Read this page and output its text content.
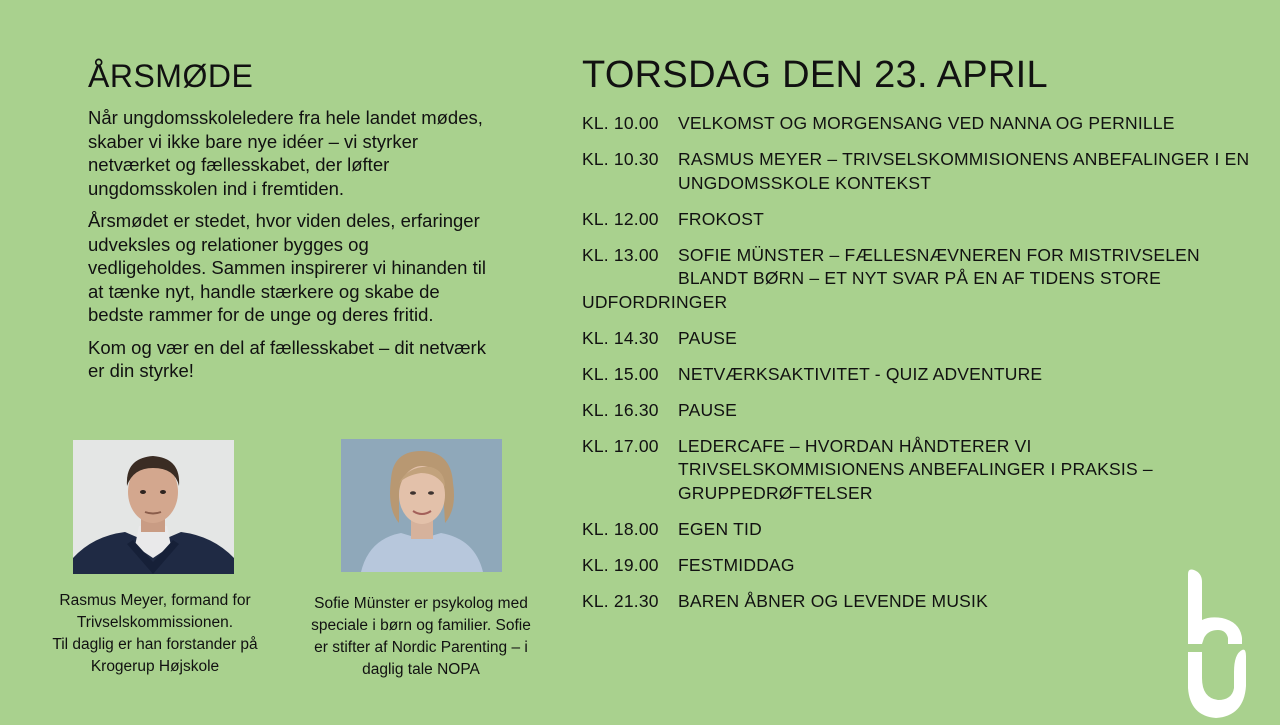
ÅRSMØDE

Når ungdomsskoleledere fra hele landet mødes, skaber vi ikke bare nye idéer – vi styrker netværket og fællesskabet, der løfter ungdomsskolen ind i fremtiden.

Årsmødet er stedet, hvor viden deles, erfaringer udveksles og relationer bygges og vedligeholdes. Sammen inspirerer vi hinanden til at tænke nyt, handle stærkere og skabe de bedste rammer for de unge og deres fritid.

Kom og vær en del af fællesskabet – dit netværk er din styrke!

Rasmus Meyer, formand for
Trivselskommissionen.
Til daglig er han forstander på
Krogerup Højskole
Sofie Münster er psykolog med
speciale i børn og familier. Sofie
er stifter af Nordic Parenting – i
daglig tale NOPA
TORSDAG DEN 23. APRIL
KL. 10.00	VELKOMST OG MORGENSANG VED NANNA OG PERNILLE
KL. 10.30	RASMUS MEYER – TRIVSELSKOMMISIONENS ANBEFALINGER I EN UNGDOMSSKOLE KONTEKST
KL. 12.00	FROKOST
KL. 13.00	SOFIE MÜNSTER – FÆLLESNÆVNEREN FOR MISTRIVSELEN BLANDT BØRN – ET NYT SVAR PÅ EN AF TIDENS STORE
UDFORDRINGER
KL. 14.30	PAUSE
KL. 15.00	NETVÆRKSAKTIVITET - QUIZ ADVENTURE
KL. 16.30	PAUSE
KL. 17.00	LEDERCAFE – HVORDAN HÅNDTERER VI TRIVSELSKOMMISIONENS ANBEFALINGER I PRAKSIS – GRUPPEDRØFTELSER
KL. 18.00	EGEN TID
KL. 19.00	FESTMIDDAG
KL. 21.30	BAREN ÅBNER OG LEVENDE MUSIK
